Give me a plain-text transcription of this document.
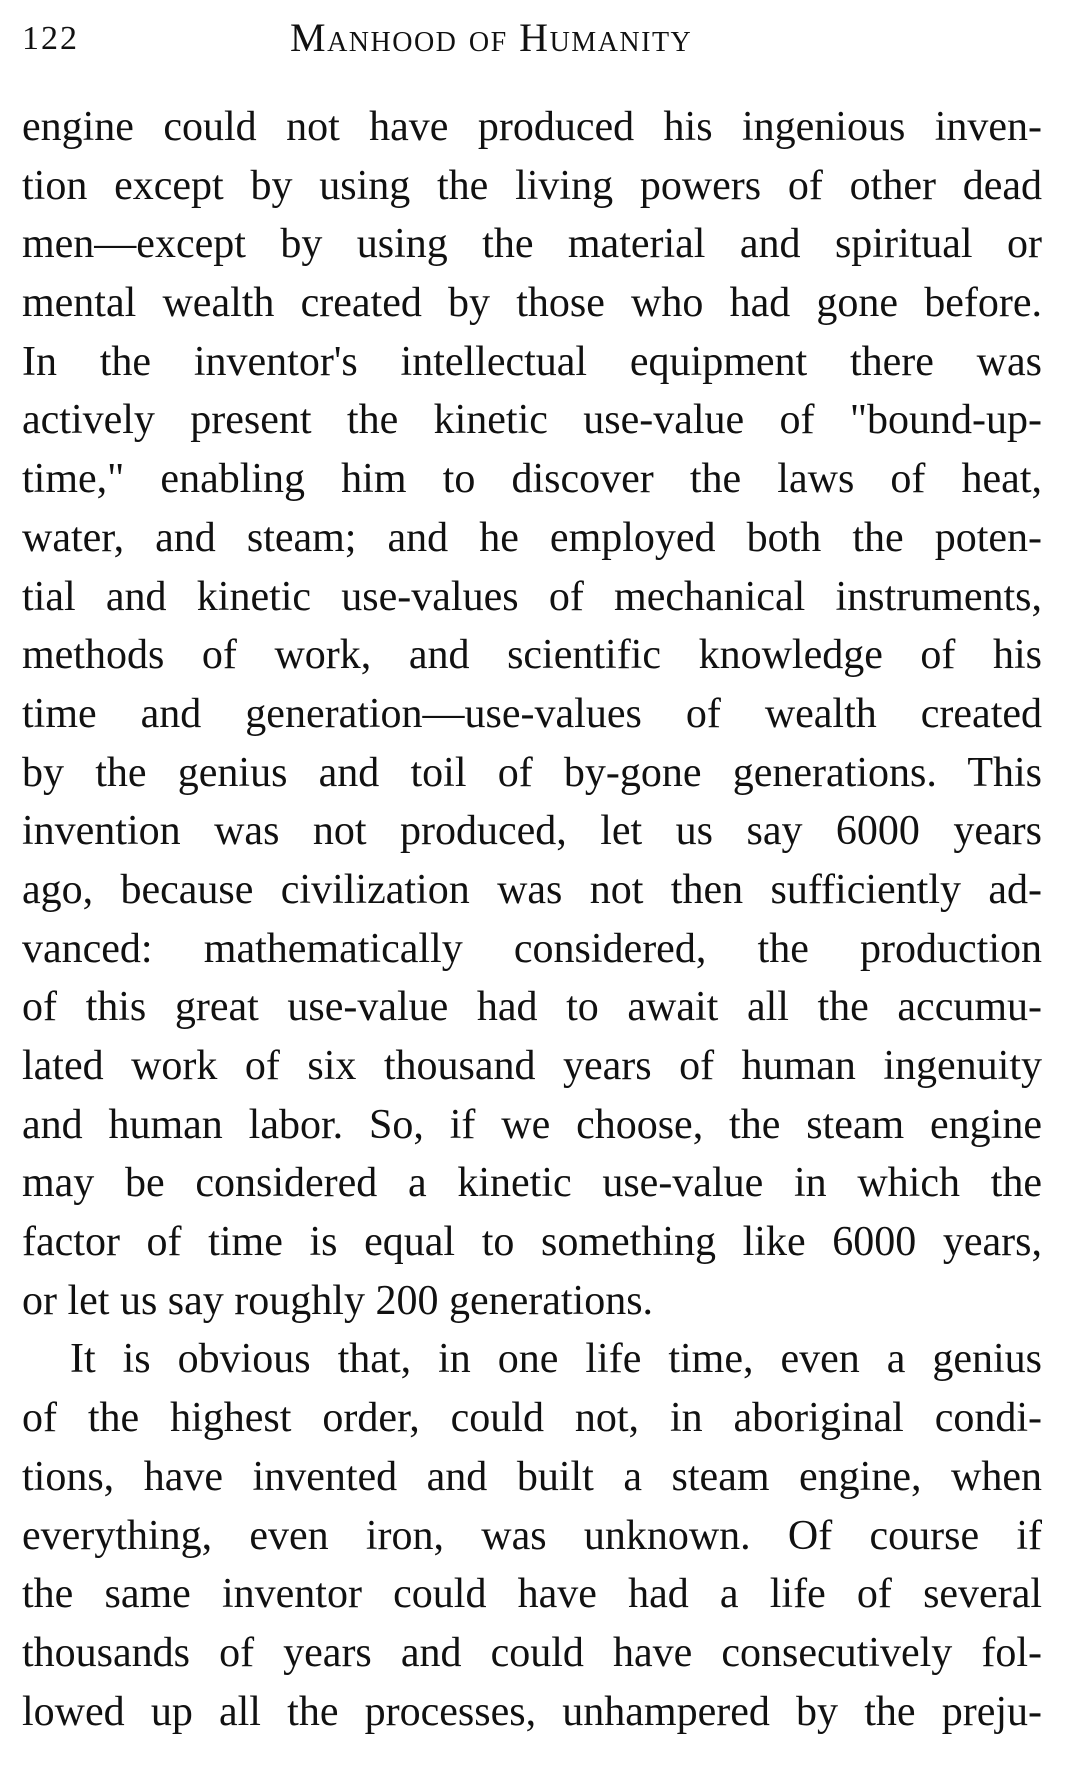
122	Manhood of Humanity
engine could not have produced his ingenious inven-
tion except by using the living powers of other dead
men—except by using the material and spiritual or
mental wealth created by those who had gone before.
In the inventor's intellectual equipment there was
actively present the kinetic use-value of "bound-up-
time," enabling him to discover the laws of heat,
water, and steam; and he employed both the poten-
tial and kinetic use-values of mechanical instruments,
methods of work, and scientific knowledge of his
time and generation—use-values of wealth created
by the genius and toil of by-gone generations. This
invention was not produced, let us say 6000 years
ago, because civilization was not then sufficiently ad-
vanced: mathematically considered, the production
of this great use-value had to await all the accumu-
lated work of six thousand years of human ingenuity
and human labor. So, if we choose, the steam engine
may be considered a kinetic use-value in which the
factor of time is equal to something like 6000 years,
or let us say roughly 200 generations.
It is obvious that, in one life time, even a genius
of the highest order, could not, in aboriginal condi-
tions, have invented and built a steam engine, when
everything, even iron, was unknown. Of course if
the same inventor could have had a life of several
thousands of years and could have consecutively fol-
lowed up all the processes, unhampered by the preju-
